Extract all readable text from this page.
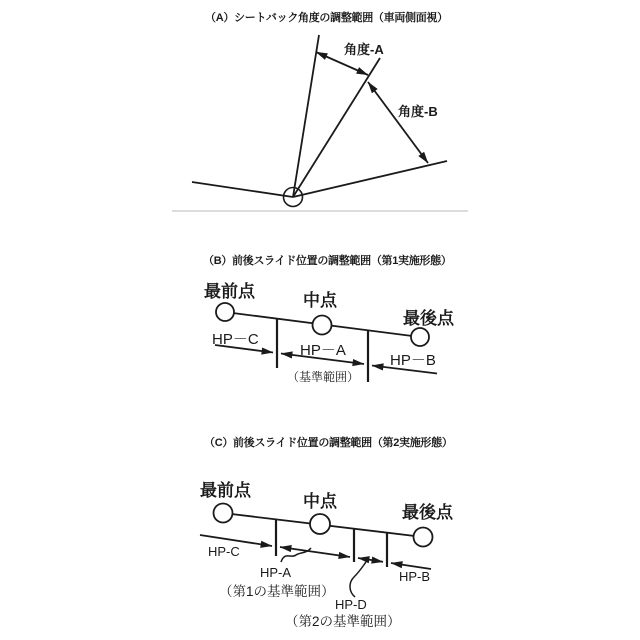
（A）シートバック角度の調整範囲（車両側面視）
角度-A
角度-B
（B）前後スライド位置の調整範囲（第1実施形態）
最前点	中点
最後点
HP－C
HP－A
HP－B
（基準範囲）
（C）前後スライド位置の調整範囲（第2実施形態）
最前点
中点
最後点
HP-C
HP-A	HP-B
HP-D
（第1の基準範囲）
（第2の基準範囲）
